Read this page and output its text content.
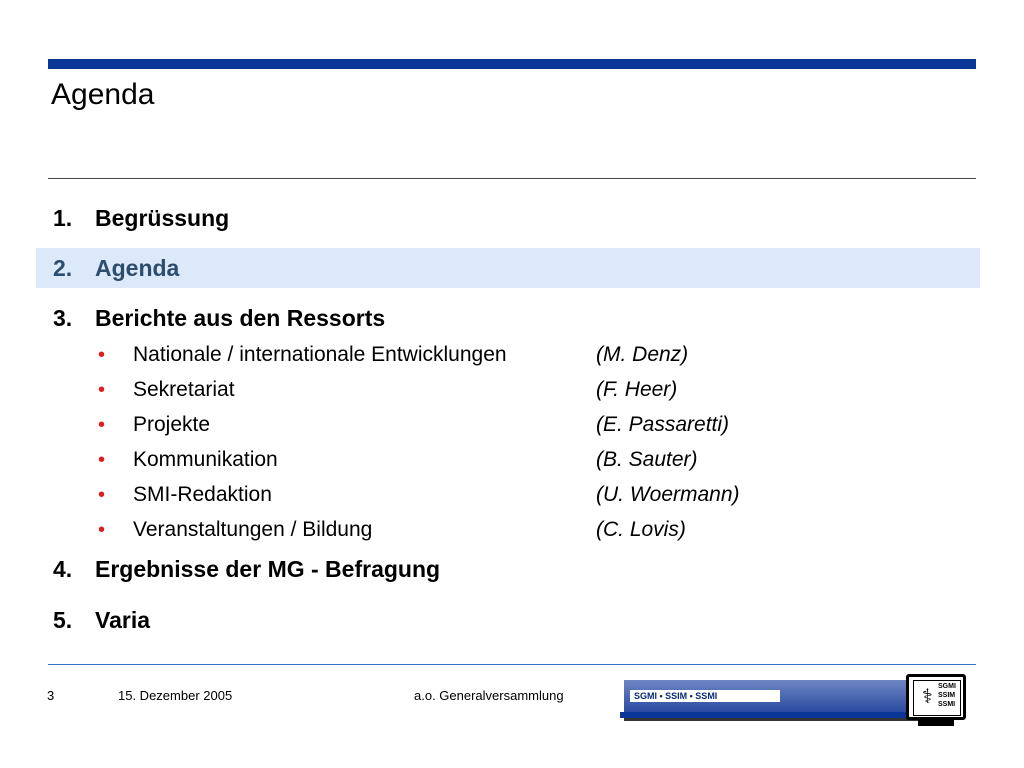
Agenda
1. Begrüssung
2. Agenda
3. Berichte aus den Ressorts
• Nationale / internationale Entwicklungen	(M. Denz)
• Sekretariat	(F. Heer)
• Projekte	(E. Passaretti)
• Kommunikation	(B. Sauter)
• SMI-Redaktion	(U. Woermann)
• Veranstaltungen / Bildung	(C. Lovis)
4. Ergebnisse der MG - Befragung
5. Varia
3	15. Dezember 2005	a.o. Generalversammlung	SGMI • SSIM • SSMI	⚕ SGMI
SSIM
SSMI
